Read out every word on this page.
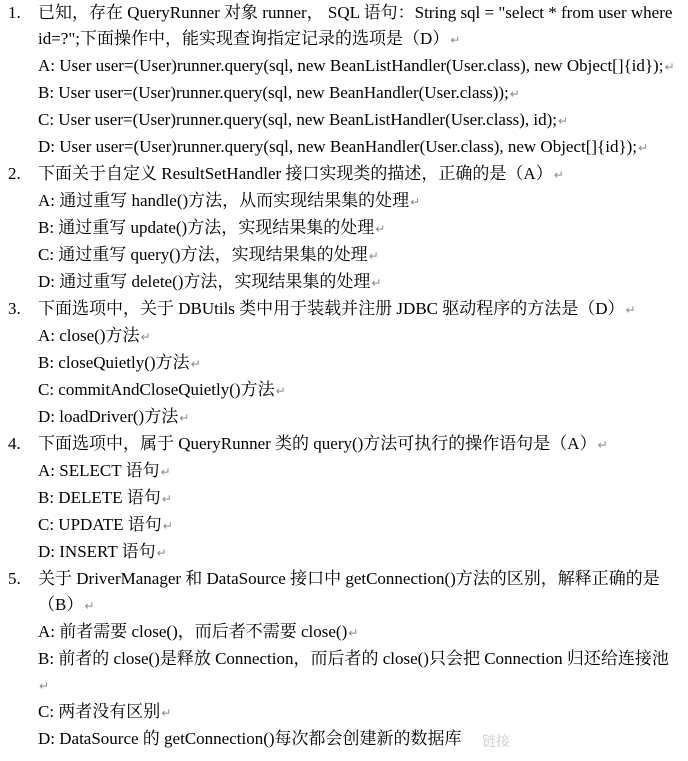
1. 已知，存在 QueryRunner 对象 runner， SQL 语句：String sql = "select * from user where id=?";下面操作中，能实现查询指定记录的选项是（D）↵
A: User user=(User)runner.query(sql, new BeanListHandler(User.class), new Object[]{id});↵
B: User user=(User)runner.query(sql, new BeanHandler(User.class));↵
C: User user=(User)runner.query(sql, new BeanListHandler(User.class), id);↵
D: User user=(User)runner.query(sql, new BeanHandler(User.class), new Object[]{id});↵
2. 下面关于自定义 ResultSetHandler 接口实现类的描述，正确的是（A）↵
A: 通过重写 handle()方法，从而实现结果集的处理↵
B: 通过重写 update()方法，实现结果集的处理↵
C: 通过重写 query()方法，实现结果集的处理↵
D: 通过重写 delete()方法，实现结果集的处理↵
3. 下面选项中，关于 DBUtils 类中用于装载并注册 JDBC 驱动程序的方法是（D）↵
A: close()方法↵
B: closeQuietly()方法↵
C: commitAndCloseQuietly()方法↵
D: loadDriver()方法↵
4. 下面选项中，属于 QueryRunner 类的 query()方法可执行的操作语句是（A）↵
A: SELECT 语句↵
B: DELETE 语句↵
C: UPDATE 语句↵
D: INSERT 语句↵
5. 关于 DriverManager 和 DataSource 接口中 getConnection()方法的区别，解释正确的是（B）↵
A: 前者需要 close()，而后者不需要 close()↵
B: 前者的 close()是释放 Connection，而后者的 close()只会把 Connection 归还给连接池↵
C: 两者没有区别↵
D: DataSource 的 getConnection()每次都会创建新的数据库	链接
